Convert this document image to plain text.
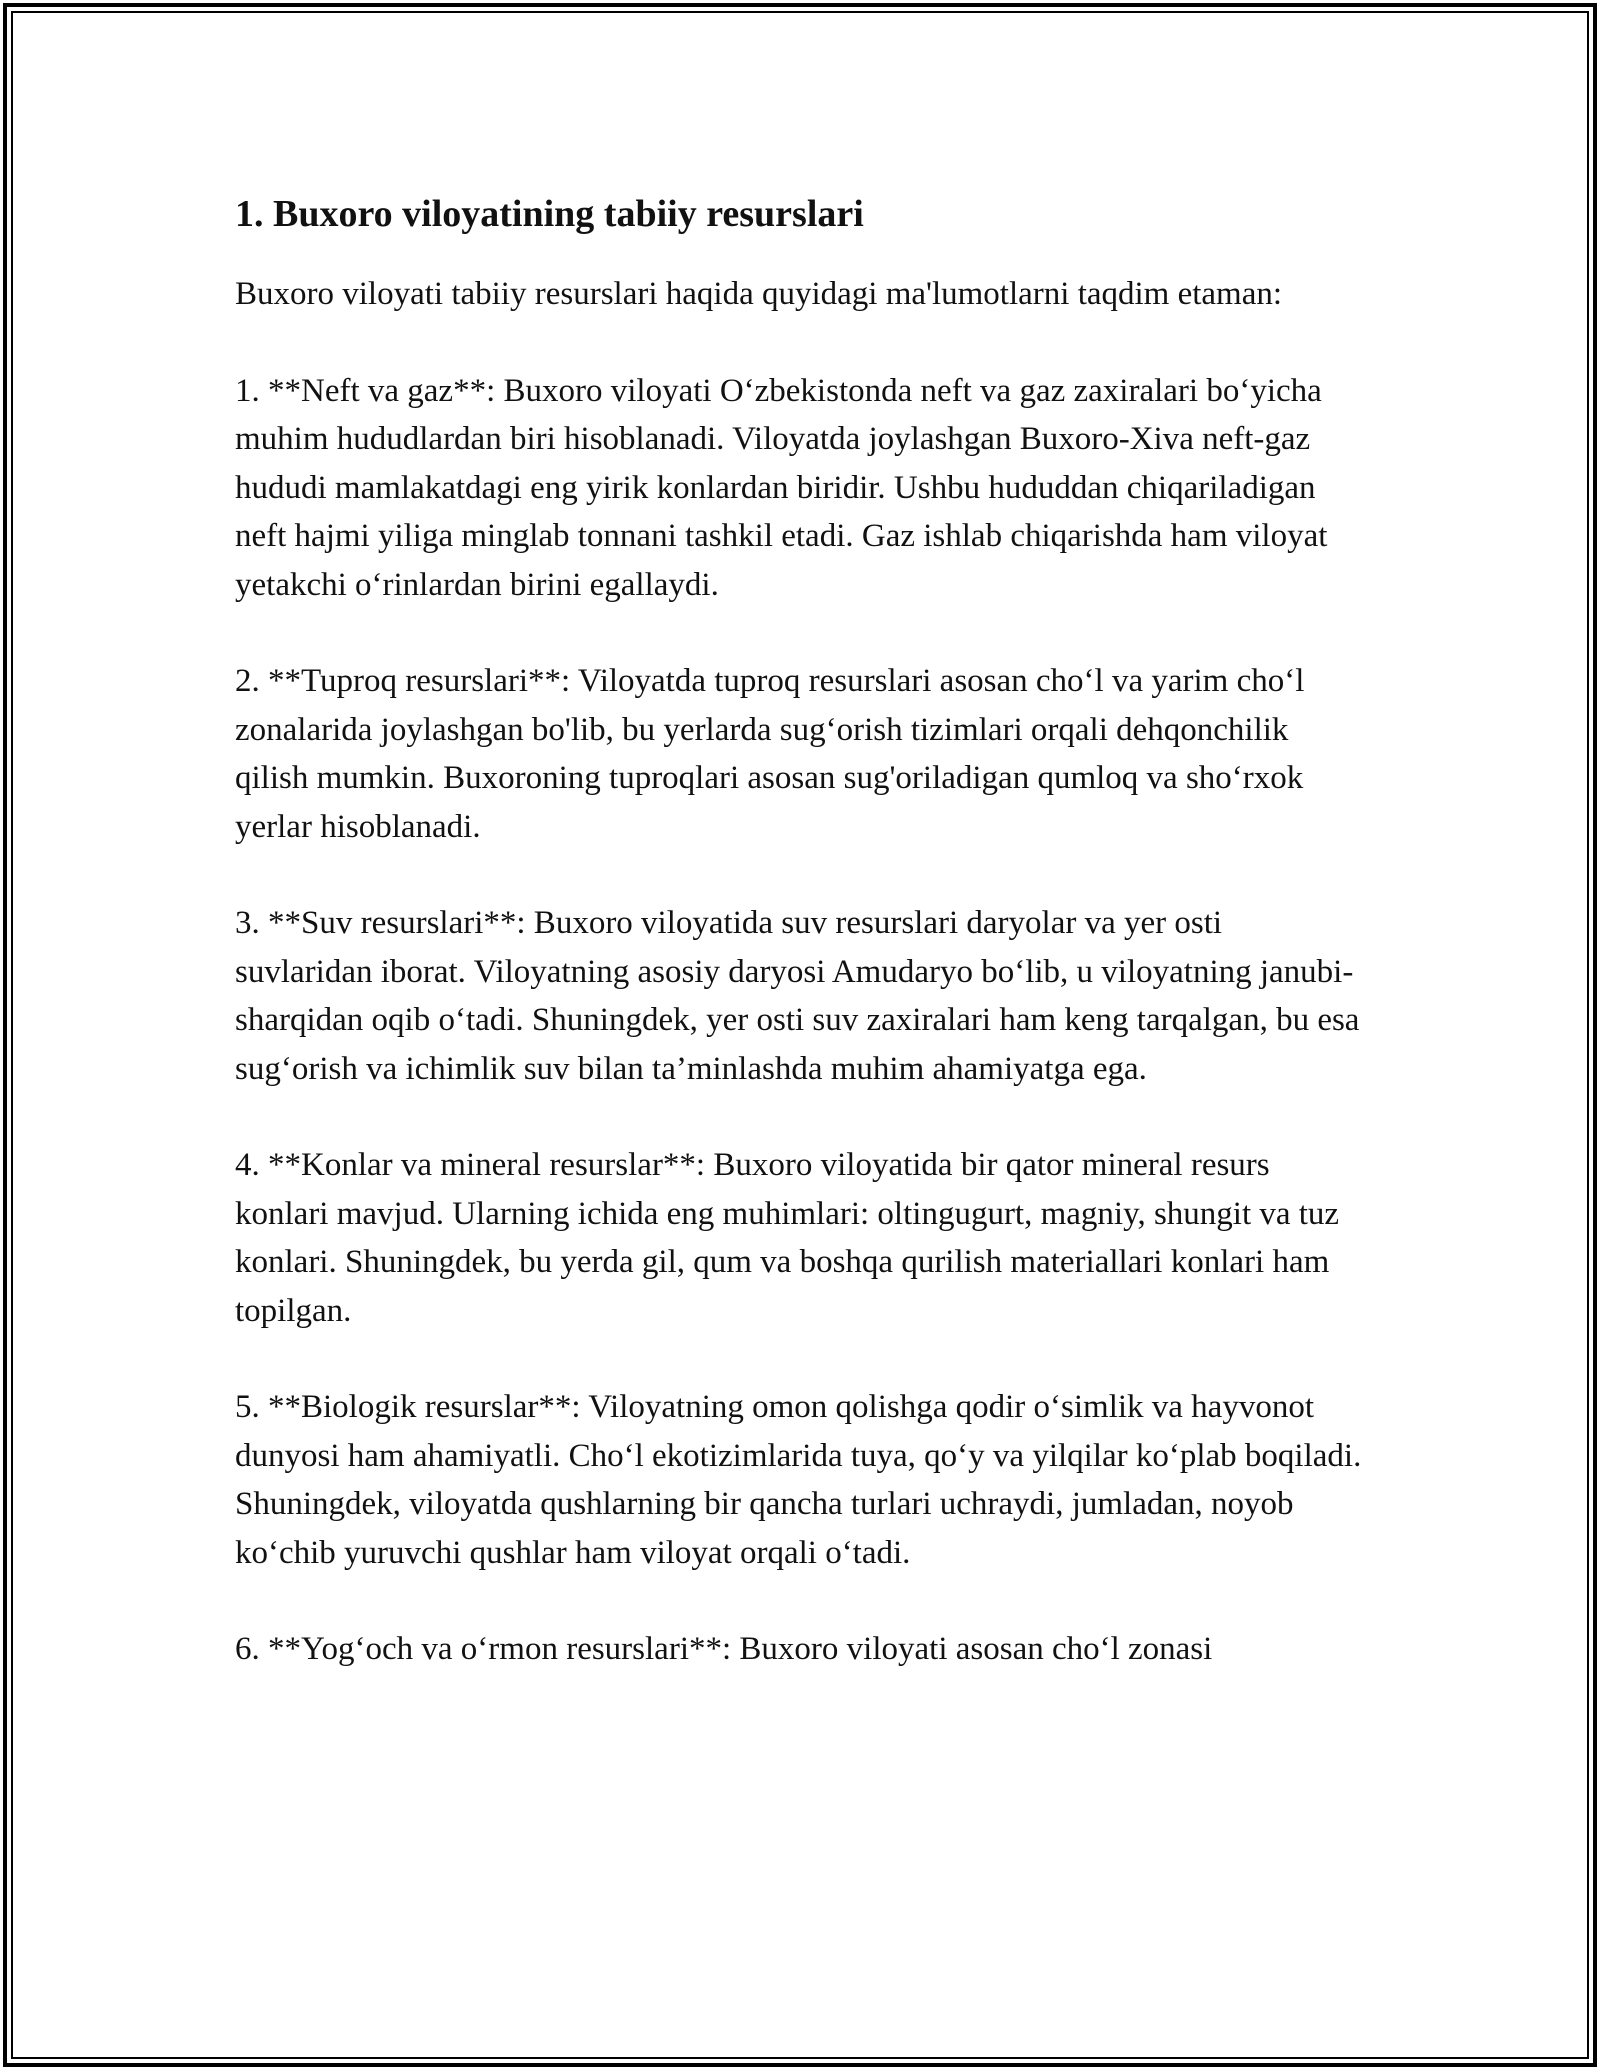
1. Buxoro viloyatining tabiiy resurslari

Buxoro viloyati tabiiy resurslari haqida quyidagi ma'lumotlarni taqdim etaman:

1. **Neft va gaz**: Buxoro viloyati O‘zbekistonda neft va gaz zaxiralari bo‘yicha muhim hududlardan biri hisoblanadi. Viloyatda joylashgan Buxoro-Xiva neft-gaz hududi mamlakatdagi eng yirik konlardan biridir. Ushbu hududdan chiqariladigan neft hajmi yiliga minglab tonnani tashkil etadi. Gaz ishlab chiqarishda ham viloyat yetakchi o‘rinlardan birini egallaydi.

2. **Tuproq resurslari**: Viloyatda tuproq resurslari asosan cho‘l va yarim cho‘l zonalarida joylashgan bo'lib, bu yerlarda sug‘orish tizimlari orqali dehqonchilik qilish mumkin. Buxoroning tuproqlari asosan sug'oriladigan qumloq va sho‘rxok yerlar hisoblanadi.

3. **Suv resurslari**: Buxoro viloyatida suv resurslari daryolar va yer osti suvlaridan iborat. Viloyatning asosiy daryosi Amudaryo bo‘lib, u viloyatning janubi-sharqidan oqib o‘tadi. Shuningdek, yer osti suv zaxiralari ham keng tarqalgan, bu esa sug‘orish va ichimlik suv bilan ta’minlashda muhim ahamiyatga ega.

4. **Konlar va mineral resurslar**: Buxoro viloyatida bir qator mineral resurs konlari mavjud. Ularning ichida eng muhimlari: oltingugurt, magniy, shungit va tuz konlari. Shuningdek, bu yerda gil, qum va boshqa qurilish materiallari konlari ham topilgan.

5. **Biologik resurslar**: Viloyatning omon qolishga qodir o‘simlik va hayvonot dunyosi ham ahamiyatli. Cho‘l ekotizimlarida tuya, qo‘y va yilqilar ko‘plab boqiladi. Shuningdek, viloyatda qushlarning bir qancha turlari uchraydi, jumladan, noyob ko‘chib yuruvchi qushlar ham viloyat orqali o‘tadi.

6. **Yog‘och va o‘rmon resurslari**: Buxoro viloyati asosan cho‘l zonasi
